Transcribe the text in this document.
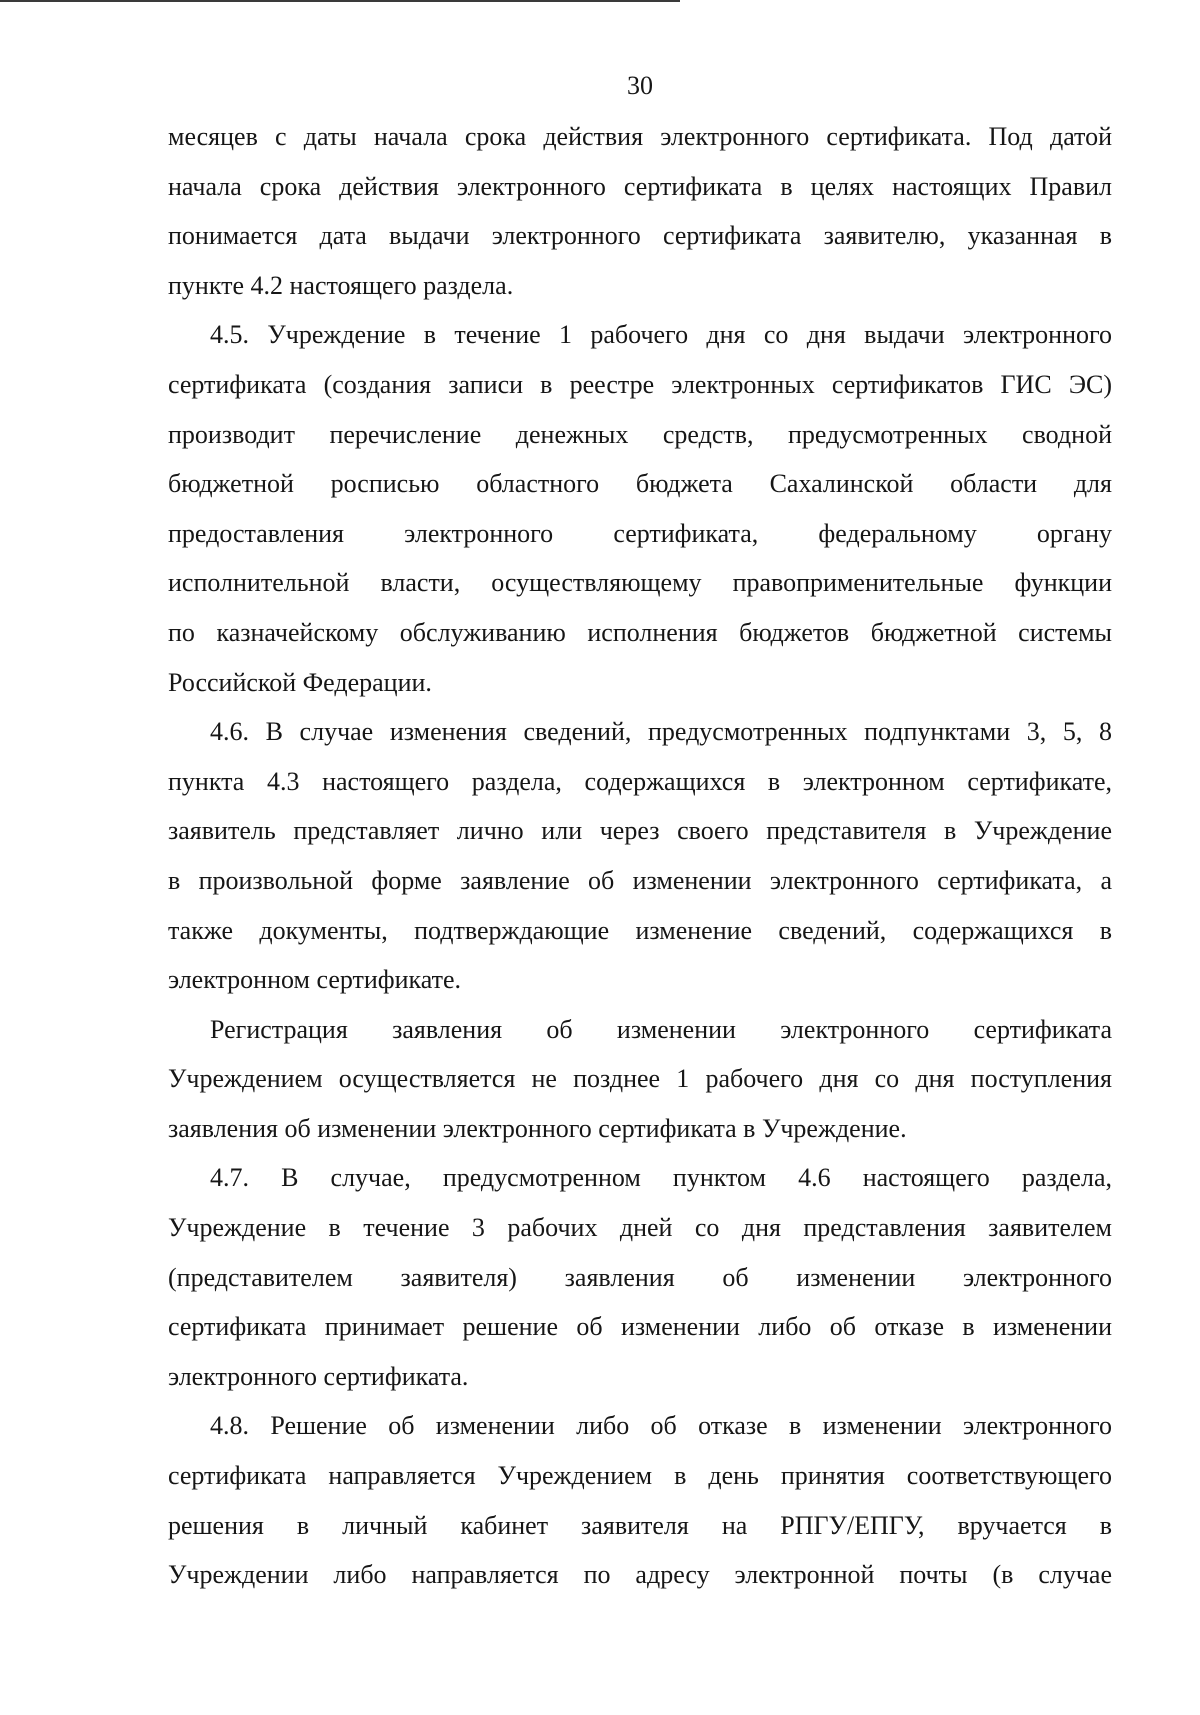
30
месяцев с даты начала срока действия электронного сертификата. Под датой
начала срока действия электронного сертификата в целях настоящих Правил
понимается дата выдачи электронного сертификата заявителю, указанная в
пункте 4.2 настоящего раздела.
4.5. Учреждение в течение 1 рабочего дня со дня выдачи электронного
сертификата (создания записи в реестре электронных сертификатов ГИС ЭС)
производит перечисление денежных средств, предусмотренных сводной
бюджетной росписью областного бюджета Сахалинской области для
предоставления электронного сертификата, федеральному органу
исполнительной власти, осуществляющему правоприменительные функции
по казначейскому обслуживанию исполнения бюджетов бюджетной системы
Российской Федерации.
4.6. В случае изменения сведений, предусмотренных подпунктами 3, 5, 8
пункта 4.3 настоящего раздела, содержащихся в электронном сертификате,
заявитель представляет лично или через своего представителя в Учреждение
в произвольной форме заявление об изменении электронного сертификата, а
также документы, подтверждающие изменение сведений, содержащихся в
электронном сертификате.
Регистрация заявления об изменении электронного сертификата
Учреждением осуществляется не позднее 1 рабочего дня со дня поступления
заявления об изменении электронного сертификата в Учреждение.
4.7. В случае, предусмотренном пунктом 4.6 настоящего раздела,
Учреждение в течение 3 рабочих дней со дня представления заявителем
(представителем заявителя) заявления об изменении электронного
сертификата принимает решение об изменении либо об отказе в изменении
электронного сертификата.
4.8. Решение об изменении либо об отказе в изменении электронного
сертификата направляется Учреждением в день принятия соответствующего
решения в личный кабинет заявителя на РПГУ/ЕПГУ, вручается в
Учреждении либо направляется по адресу электронной почты (в случае
